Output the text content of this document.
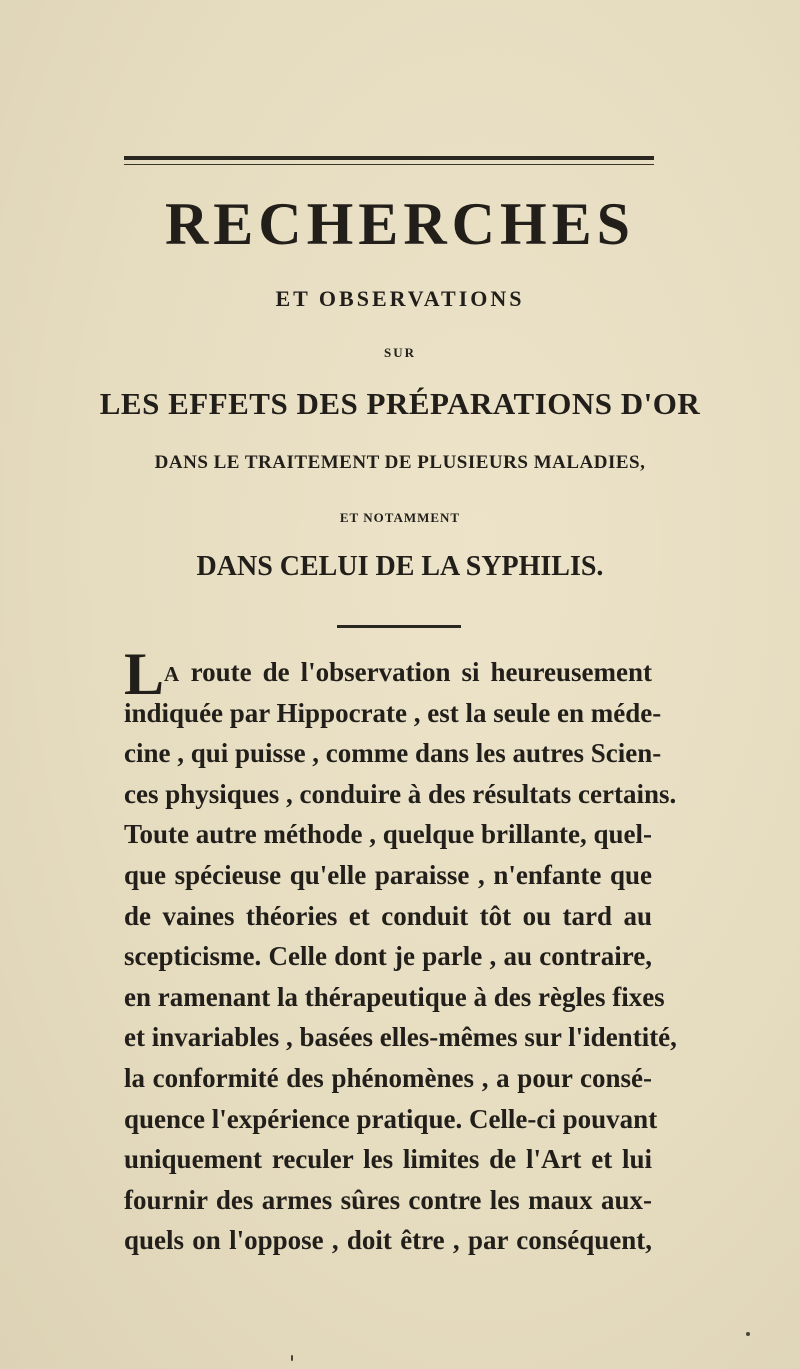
RECHERCHES
ET OBSERVATIONS
SUR
LES EFFETS DES PRÉPARATIONS D'OR
DANS LE TRAITEMENT DE PLUSIEURS MALADIES,
ET NOTAMMENT
DANS CELUI DE LA SYPHILIS.
LA route de l'observation si heureusement
indiquée par Hippocrate , est la seule en méde-
cine , qui puisse , comme dans les autres Scien-
ces physiques , conduire à des résultats certains.
Toute autre méthode , quelque brillante, quel-
que spécieuse qu'elle paraisse , n'enfante que
de vaines théories et conduit tôt ou tard au
scepticisme. Celle dont je parle , au contraire,
en ramenant la thérapeutique à des règles fixes
et invariables , basées elles-mêmes sur l'identité,
la conformité des phénomènes , a pour consé-
quence l'expérience pratique. Celle-ci pouvant
uniquement reculer les limites de l'Art et lui
fournir des armes sûres contre les maux aux-
quels on l'oppose , doit être , par conséquent,
